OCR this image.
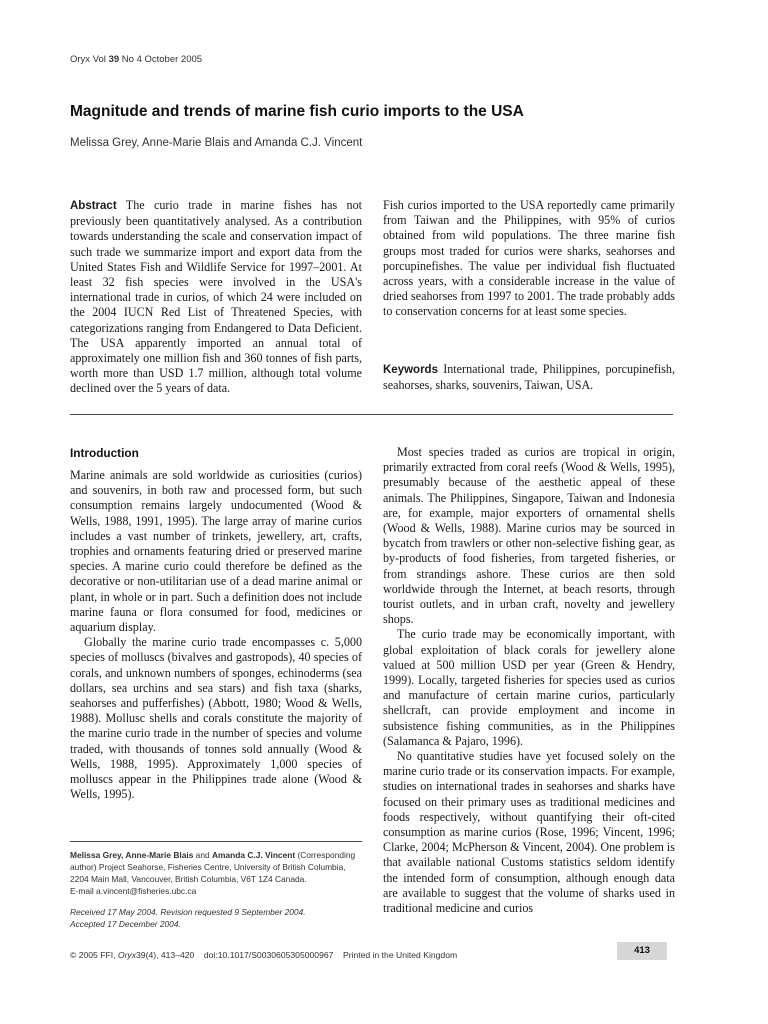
Oryx Vol 39 No 4 October 2005
Magnitude and trends of marine fish curio imports to the USA
Melissa Grey, Anne-Marie Blais and Amanda C.J. Vincent
Abstract The curio trade in marine fishes has not previously been quantitatively analysed. As a contribution towards understanding the scale and conservation impact of such trade we summarize import and export data from the United States Fish and Wildlife Service for 1997–2001. At least 32 fish species were involved in the USA's international trade in curios, of which 24 were included on the 2004 IUCN Red List of Threatened Species, with categorizations ranging from Endangered to Data Deficient. The USA apparently imported an annual total of approximately one million fish and 360 tonnes of fish parts, worth more than USD 1.7 million, although total volume declined over the 5 years of data.
Fish curios imported to the USA reportedly came primarily from Taiwan and the Philippines, with 95% of curios obtained from wild populations. The three marine fish groups most traded for curios were sharks, seahorses and porcupinefishes. The value per individual fish fluctuated across years, with a considerable increase in the value of dried seahorses from 1997 to 2001. The trade probably adds to conservation concerns for at least some species.
Keywords International trade, Philippines, porcupinefish, seahorses, sharks, souvenirs, Taiwan, USA.
Introduction

Marine animals are sold worldwide as curiosities (curios) and souvenirs, in both raw and processed form, but such consumption remains largely undocumented (Wood & Wells, 1988, 1991, 1995). The large array of marine curios includes a vast number of trinkets, jewellery, art, crafts, trophies and ornaments featuring dried or preserved marine species. A marine curio could therefore be defined as the decorative or non-utilitarian use of a dead marine animal or plant, in whole or in part. Such a definition does not include marine fauna or flora consumed for food, medicines or aquarium display.

Globally the marine curio trade encompasses c. 5,000 species of molluscs (bivalves and gastropods), 40 species of corals, and unknown numbers of sponges, echinoderms (sea dollars, sea urchins and sea stars) and fish taxa (sharks, seahorses and pufferfishes) (Abbott, 1980; Wood & Wells, 1988). Mollusc shells and corals constitute the majority of the marine curio trade in the number of species and volume traded, with thousands of tonnes sold annually (Wood & Wells, 1988, 1995). Approximately 1,000 species of molluscs appear in the Philippines trade alone (Wood & Wells, 1995).

Most species traded as curios are tropical in origin, primarily extracted from coral reefs (Wood & Wells, 1995), presumably because of the aesthetic appeal of these animals. The Philippines, Singapore, Taiwan and Indonesia are, for example, major exporters of ornamental shells (Wood & Wells, 1988). Marine curios may be sourced in bycatch from trawlers or other non-selective fishing gear, as by-products of food fisheries, from targeted fisheries, or from strandings ashore. These curios are then sold worldwide through the Internet, at beach resorts, through tourist outlets, and in urban craft, novelty and jewellery shops.

The curio trade may be economically important, with global exploitation of black corals for jewellery alone valued at 500 million USD per year (Green & Hendry, 1999). Locally, targeted fisheries for species used as curios and manufacture of certain marine curios, particularly shellcraft, can provide employment and income in subsistence fishing communities, as in the Philippines (Salamanca & Pajaro, 1996).

No quantitative studies have yet focused solely on the marine curio trade or its conservation impacts. For example, studies on international trades in seahorses and sharks have focused on their primary uses as traditional medicines and foods respectively, without quantifying their oft-cited consumption as marine curios (Rose, 1996; Vincent, 1996; Clarke, 2004; McPherson & Vincent, 2004). One problem is that available national Customs statistics seldom identify the intended form of consumption, although enough data are available to suggest that the volume of sharks used in traditional medicine and curios

Melissa Grey, Anne-Marie Blais and Amanda C.J. Vincent (Corresponding author) Project Seahorse, Fisheries Centre, University of British Columbia, 2204 Main Mall, Vancouver, British Columbia, V6T 1Z4 Canada.
E-mail a.vincent@fisheries.ubc.ca
Received 17 May 2004. Revision requested 9 September 2004.
Accepted 17 December 2004.
© 2005 FFI, Oryx39(4), 413–420 doi:10.1017/S0030605305000967 Printed in the United Kingdom	413
